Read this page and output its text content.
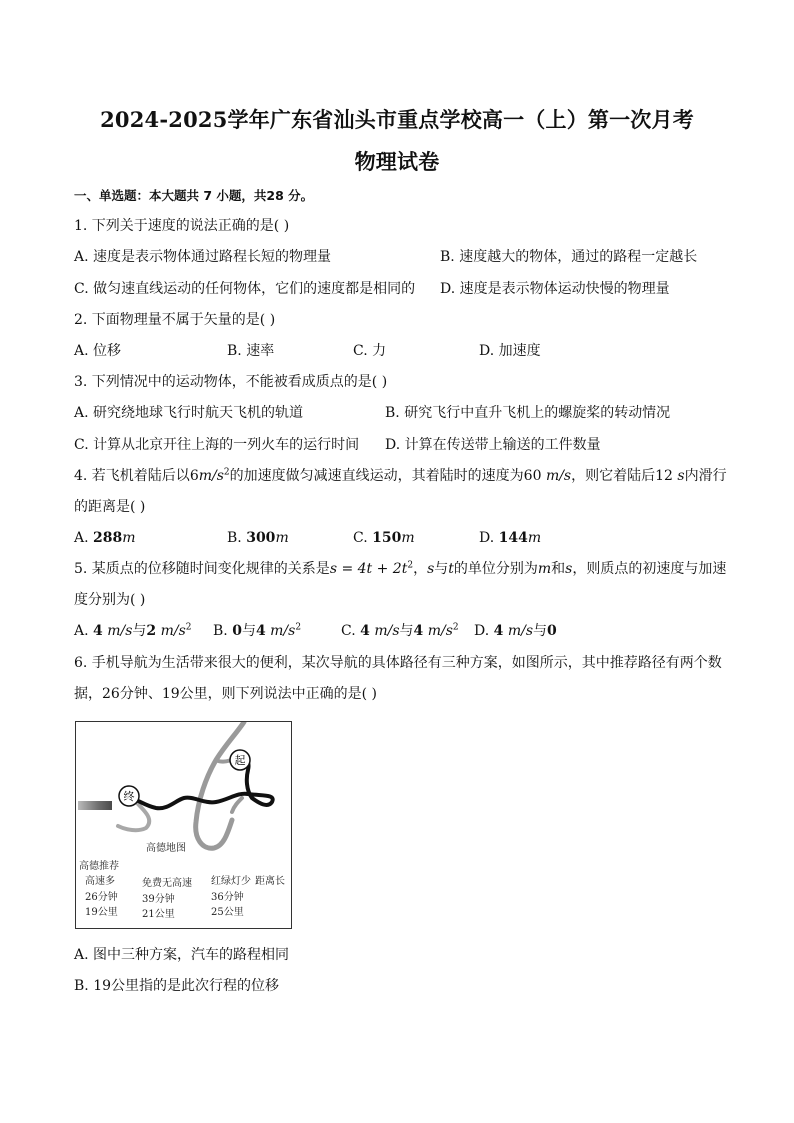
2024-2025学年广东省汕头市重点学校高一（上）第一次月考
物理试卷
一、单选题：本大题共 7 小题，共28 分。
1. 下列关于速度的说法正确的是( )
A. 速度是表示物体通过路程长短的物理量	B. 速度越大的物体，通过的路程一定越长
C. 做匀速直线运动的任何物体，它们的速度都是相同的 D. 速度是表示物体运动快慢的物理量
2. 下面物理量不属于矢量的是( )
A. 位移	B. 速率	C. 力	D. 加速度
3. 下列情况中的运动物体，不能被看成质点的是( )
A. 研究绕地球飞行时航天飞机的轨道	B. 研究飞行中直升飞机上的螺旋桨的转动情况
C. 计算从北京开往上海的一列火车的运行时间 D. 计算在传送带上输送的工件数量
4. 若飞机着陆后以$6m/s^2$的加速度做匀减速直线运动，其着陆时的速度为60 m/s，则它着陆后12 s内滑行
的距离是( )
A. 288m	B. 300m	C. 150m	D. 144m
5. 某质点的位移随时间变化规律的关系是$s = 4t + 2t^2$，s与t的单位分别为m和s，则质点的初速度与加速
度分别为( )
A. 4 m/s与2 $m/s^2$ B. 0与4 $m/s^2$	C. 4 m/s与4 $m/s^2$ D. 4 m/s与0
6. 手机导航为生活带来很大的便利，某次导航的具体路径有三种方案，如图所示，其中推荐路径有两个数
据，26分钟、19公里，则下列说法中正确的是( )
起
终
高德地图
高德推荐
高速多
26分钟
19公里
免费无高速
39分钟
21公里
红绿灯少
36分钟
25公里
距离长
A. 图中三种方案，汽车的路程相同
B. 19公里指的是此次行程的位移
